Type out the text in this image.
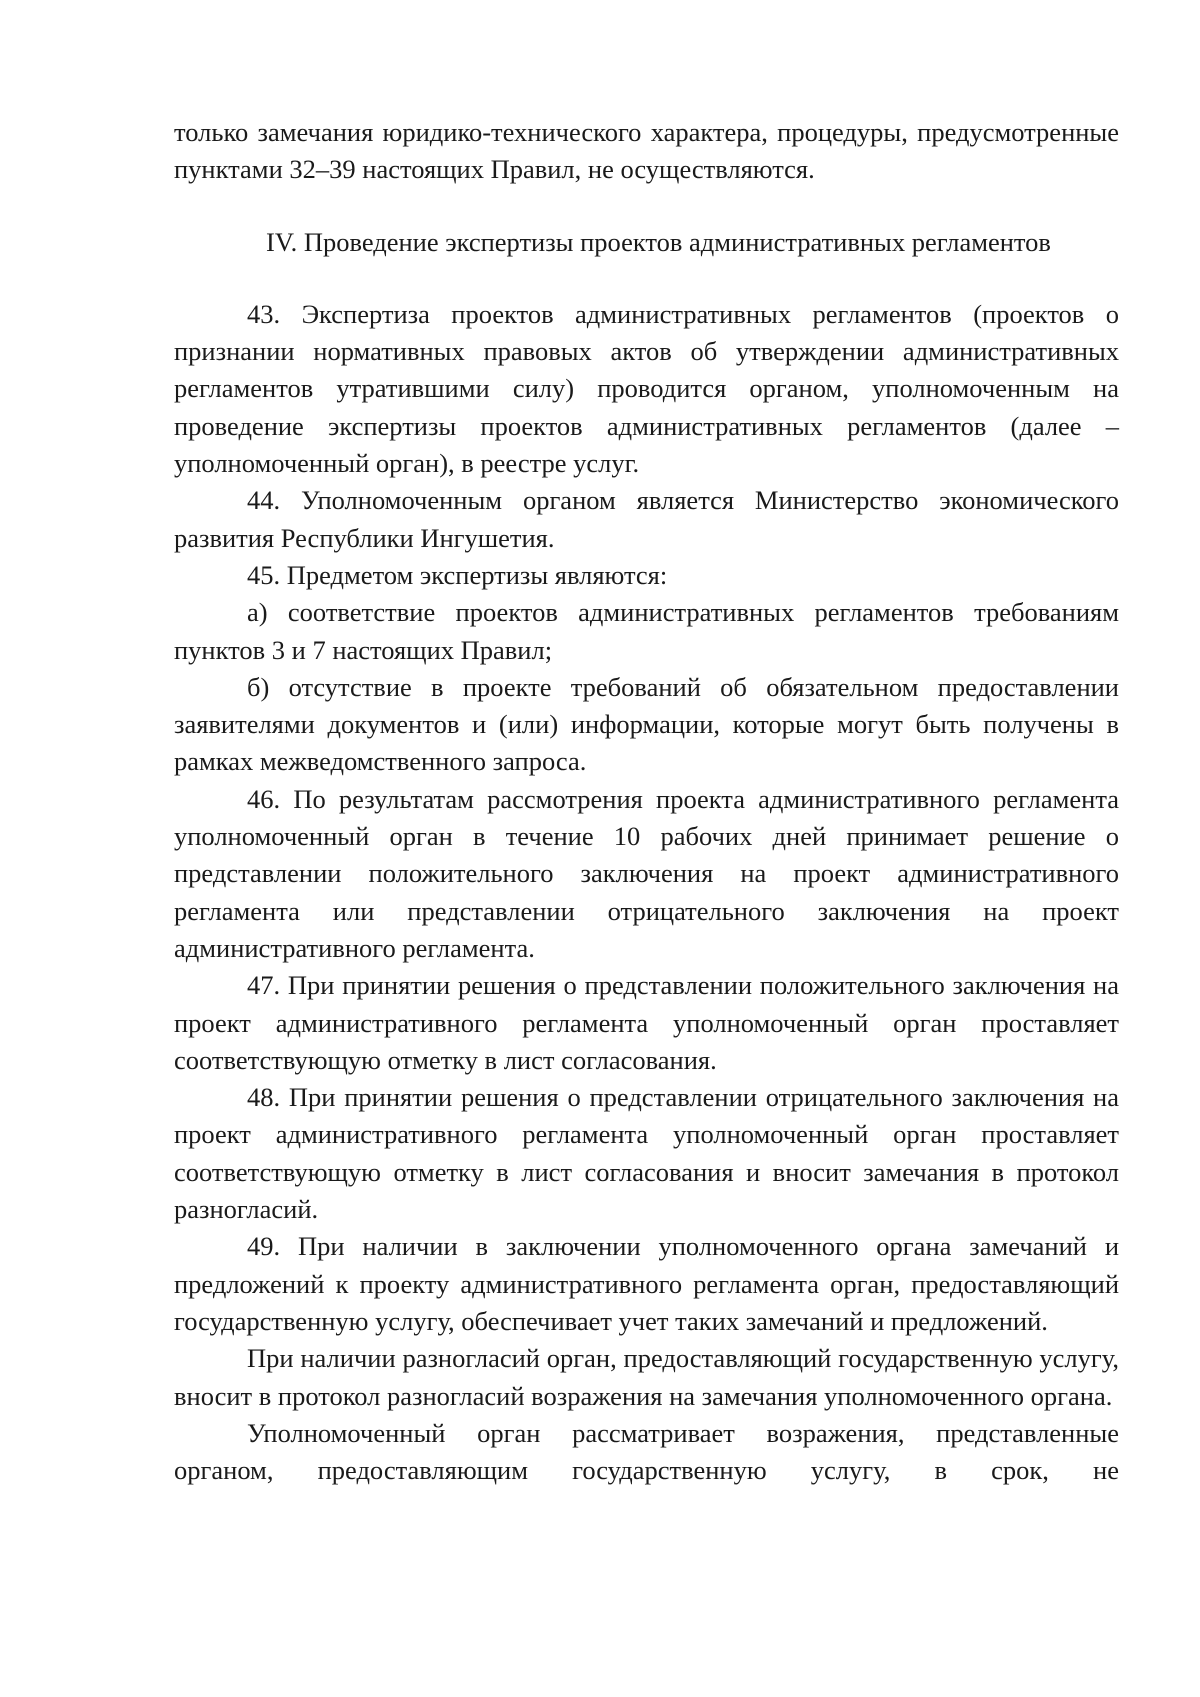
только замечания юридико-технического характера, процедуры, предусмотренные пунктами 32–39 настоящих Правил, не осуществляются.

IV. Проведение экспертизы проектов административных регламентов

43. Экспертиза проектов административных регламентов (проектов о признании нормативных правовых актов об утверждении административных регламентов утратившими силу) проводится органом, уполномоченным на проведение экспертизы проектов административных регламентов (далее – уполномоченный орган), в реестре услуг.

44. Уполномоченным органом является Министерство экономического развития Республики Ингушетия.

45. Предметом экспертизы являются:

а) соответствие проектов административных регламентов требованиям пунктов 3 и 7 настоящих Правил;

б) отсутствие в проекте требований об обязательном предоставлении заявителями документов и (или) информации, которые могут быть получены в рамках межведомственного запроса.

46. По результатам рассмотрения проекта административного регламента уполномоченный орган в течение 10 рабочих дней принимает решение о представлении положительного заключения на проект административного регламента или представлении отрицательного заключения на проект административного регламента.

47. При принятии решения о представлении положительного заключения на проект административного регламента уполномоченный орган проставляет соответствующую отметку в лист согласования.

48. При принятии решения о представлении отрицательного заключения на проект административного регламента уполномоченный орган проставляет соответствующую отметку в лист согласования и вносит замечания в протокол разногласий.

49. При наличии в заключении уполномоченного органа замечаний и предложений к проекту административного регламента орган, предоставляющий государственную услугу, обеспечивает учет таких замечаний и предложений.

При наличии разногласий орган, предоставляющий государственную услугу, вносит в протокол разногласий возражения на замечания уполномоченного органа.

Уполномоченный орган рассматривает возражения, представленные органом, предоставляющим государственную услугу, в срок, не
